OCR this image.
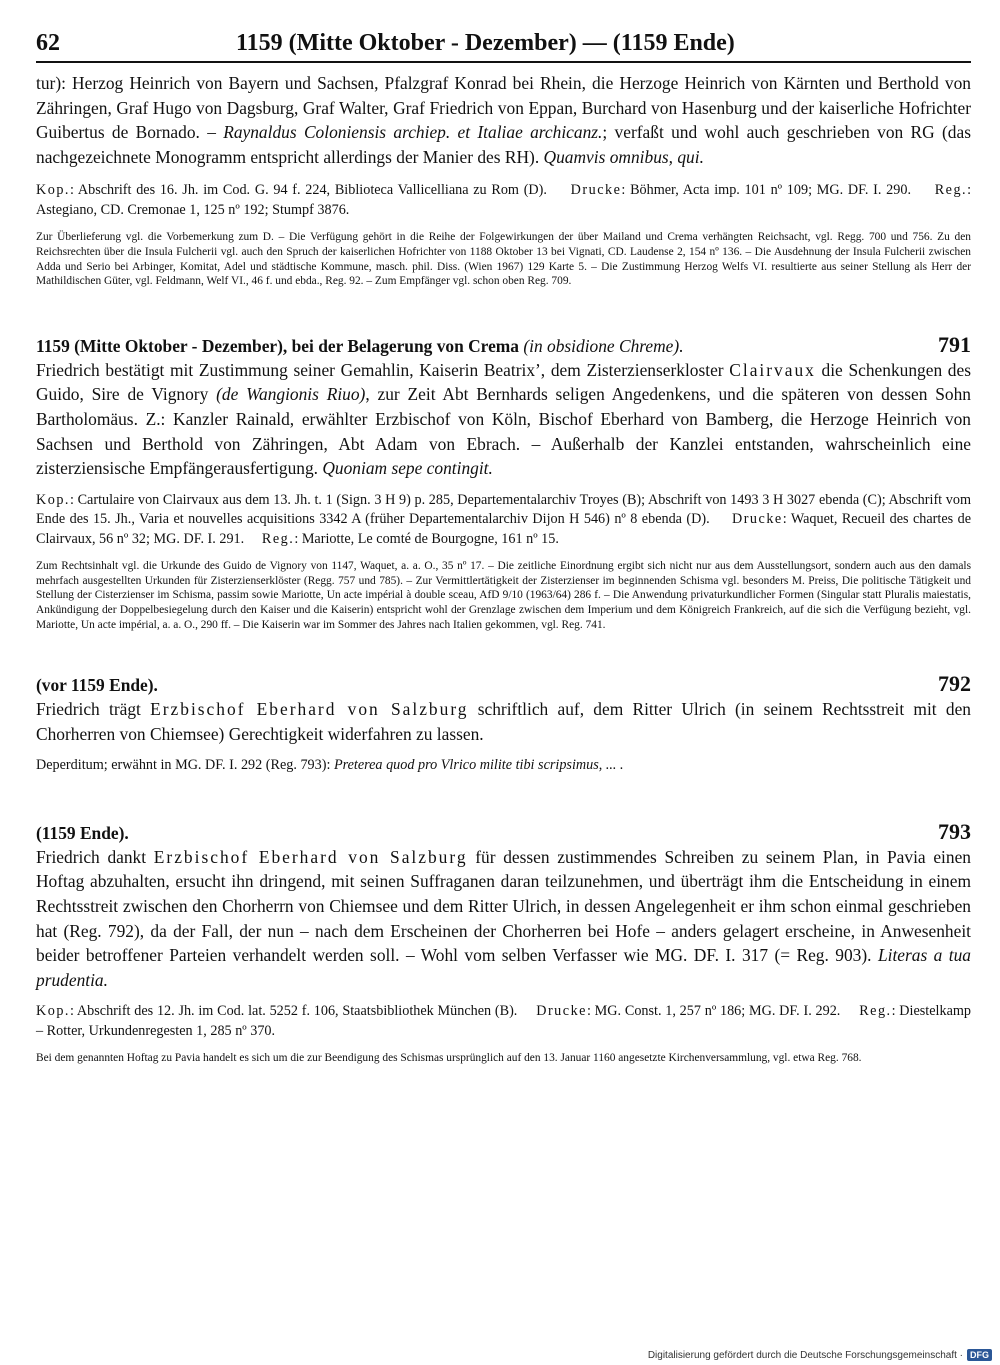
62	1159 (Mitte Oktober - Dezember) — (1159 Ende)

tur): Herzog Heinrich von Bayern und Sachsen, Pfalzgraf Konrad bei Rhein, die Herzoge Heinrich von Kärnten und Berthold von Zähringen, Graf Hugo von Dagsburg, Graf Walter, Graf Friedrich von Eppan, Burchard von Hasenburg und der kaiserliche Hofrichter Guibertus de Bornado. – Raynaldus Coloniensis archiep. et Italiae archicanz.; verfaßt und wohl auch geschrieben von RG (das nachgezeichnete Monogramm entspricht allerdings der Manier des RH). Quamvis omnibus, qui.

Kop.: Abschrift des 16. Jh. im Cod. G. 94 f. 224, Biblioteca Vallicelliana zu Rom (D). Drucke: Böhmer, Acta imp. 101 nº 109; MG. DF. I. 290. Reg.: Astegiano, CD. Cremonae 1, 125 nº 192; Stumpf 3876.

Zur Überlieferung vgl. die Vorbemerkung zum D. – Die Verfügung gehört in die Reihe der Folgewirkungen der über Mailand und Crema verhängten Reichsacht, vgl. Regg. 700 und 756. Zu den Reichsrechten über die Insula Fulcherii vgl. auch den Spruch der kaiserlichen Hofrichter von 1188 Oktober 13 bei Vignati, CD. Laudense 2, 154 nº 136. – Die Ausdehnung der Insula Fulcherii zwischen Adda und Serio bei Arbinger, Komitat, Adel und städtische Kommune, masch. phil. Diss. (Wien 1967) 129 Karte 5. – Die Zustimmung Herzog Welfs VI. resultierte aus seiner Stellung als Herr der Mathildischen Güter, vgl. Feldmann, Welf VI., 46 f. und ebda., Reg. 92. – Zum Empfänger vgl. schon oben Reg. 709.

1159 (Mitte Oktober - Dezember), bei der Belagerung von Crema (in obsidione Chreme).	791

Friedrich bestätigt mit Zustimmung seiner Gemahlin, Kaiserin Beatrix’, dem Zisterzienserkloster Clairvaux die Schenkungen des Guido, Sire de Vignory (de Wangionis Riuo), zur Zeit Abt Bernhards seligen Angedenkens, und die späteren von dessen Sohn Bartholomäus. Z.: Kanzler Rainald, erwählter Erzbischof von Köln, Bischof Eberhard von Bamberg, die Herzoge Heinrich von Sachsen und Berthold von Zähringen, Abt Adam von Ebrach. – Außerhalb der Kanzlei entstanden, wahrscheinlich eine zisterziensische Empfängerausfertigung. Quoniam sepe contingit.

Kop.: Cartulaire von Clairvaux aus dem 13. Jh. t. 1 (Sign. 3 H 9) p. 285, Departementalarchiv Troyes (B); Abschrift von 1493 3 H 3027 ebenda (C); Abschrift vom Ende des 15. Jh., Varia et nouvelles acquisitions 3342 A (früher Departementalarchiv Dijon H 546) nº 8 ebenda (D). Drucke: Waquet, Recueil des chartes de Clairvaux, 56 nº 32; MG. DF. I. 291. Reg.: Mariotte, Le comté de Bourgogne, 161 nº 15.

Zum Rechtsinhalt vgl. die Urkunde des Guido de Vignory von 1147, Waquet, a. a. O., 35 nº 17. – Die zeitliche Einordnung ergibt sich nicht nur aus dem Ausstellungsort, sondern auch aus den damals mehrfach ausgestellten Urkunden für Zisterzienserklöster (Regg. 757 und 785). – Zur Vermittlertätigkeit der Zisterzienser im beginnenden Schisma vgl. besonders M. Preiss, Die politische Tätigkeit und Stellung der Cisterzienser im Schisma, passim sowie Mariotte, Un acte impérial à double sceau, AfD 9/10 (1963/64) 286 f. – Die Anwendung privaturkundlicher Formen (Singular statt Pluralis maiestatis, Ankündigung der Doppelbesiegelung durch den Kaiser und die Kaiserin) entspricht wohl der Grenzlage zwischen dem Imperium und dem Königreich Frankreich, auf die sich die Verfügung bezieht, vgl. Mariotte, Un acte impérial, a. a. O., 290 ff. – Die Kaiserin war im Sommer des Jahres nach Italien gekommen, vgl. Reg. 741.

(vor 1159 Ende).	792

Friedrich trägt Erzbischof Eberhard von Salzburg schriftlich auf, dem Ritter Ulrich (in seinem Rechtsstreit mit den Chorherren von Chiemsee) Gerechtigkeit widerfahren zu lassen.

Deperditum; erwähnt in MG. DF. I. 292 (Reg. 793): Preterea quod pro Vlrico milite tibi scripsimus, ... .

(1159 Ende).	793

Friedrich dankt Erzbischof Eberhard von Salzburg für dessen zustimmendes Schreiben zu seinem Plan, in Pavia einen Hoftag abzuhalten, ersucht ihn dringend, mit seinen Suffraganen daran teilzunehmen, und überträgt ihm die Entscheidung in einem Rechtsstreit zwischen den Chorherrn von Chiemsee und dem Ritter Ulrich, in dessen Angelegenheit er ihm schon einmal geschrieben hat (Reg. 792), da der Fall, der nun – nach dem Erscheinen der Chorherren bei Hofe – anders gelagert erscheine, in Anwesenheit beider betroffener Parteien verhandelt werden soll. – Wohl vom selben Verfasser wie MG. DF. I. 317 (= Reg. 903). Literas a tua prudentia.

Kop.: Abschrift des 12. Jh. im Cod. lat. 5252 f. 106, Staatsbibliothek München (B). Drucke: MG. Const. 1, 257 nº 186; MG. DF. I. 292. Reg.: Diestelkamp – Rotter, Urkundenregesten 1, 285 nº 370.

Bei dem genannten Hoftag zu Pavia handelt es sich um die zur Beendigung des Schismas ursprünglich auf den 13. Januar 1160 angesetzte Kirchenversammlung, vgl. etwa Reg. 768.

Digitalisierung gefördert durch die Deutsche Forschungsgemeinschaft · DFG
